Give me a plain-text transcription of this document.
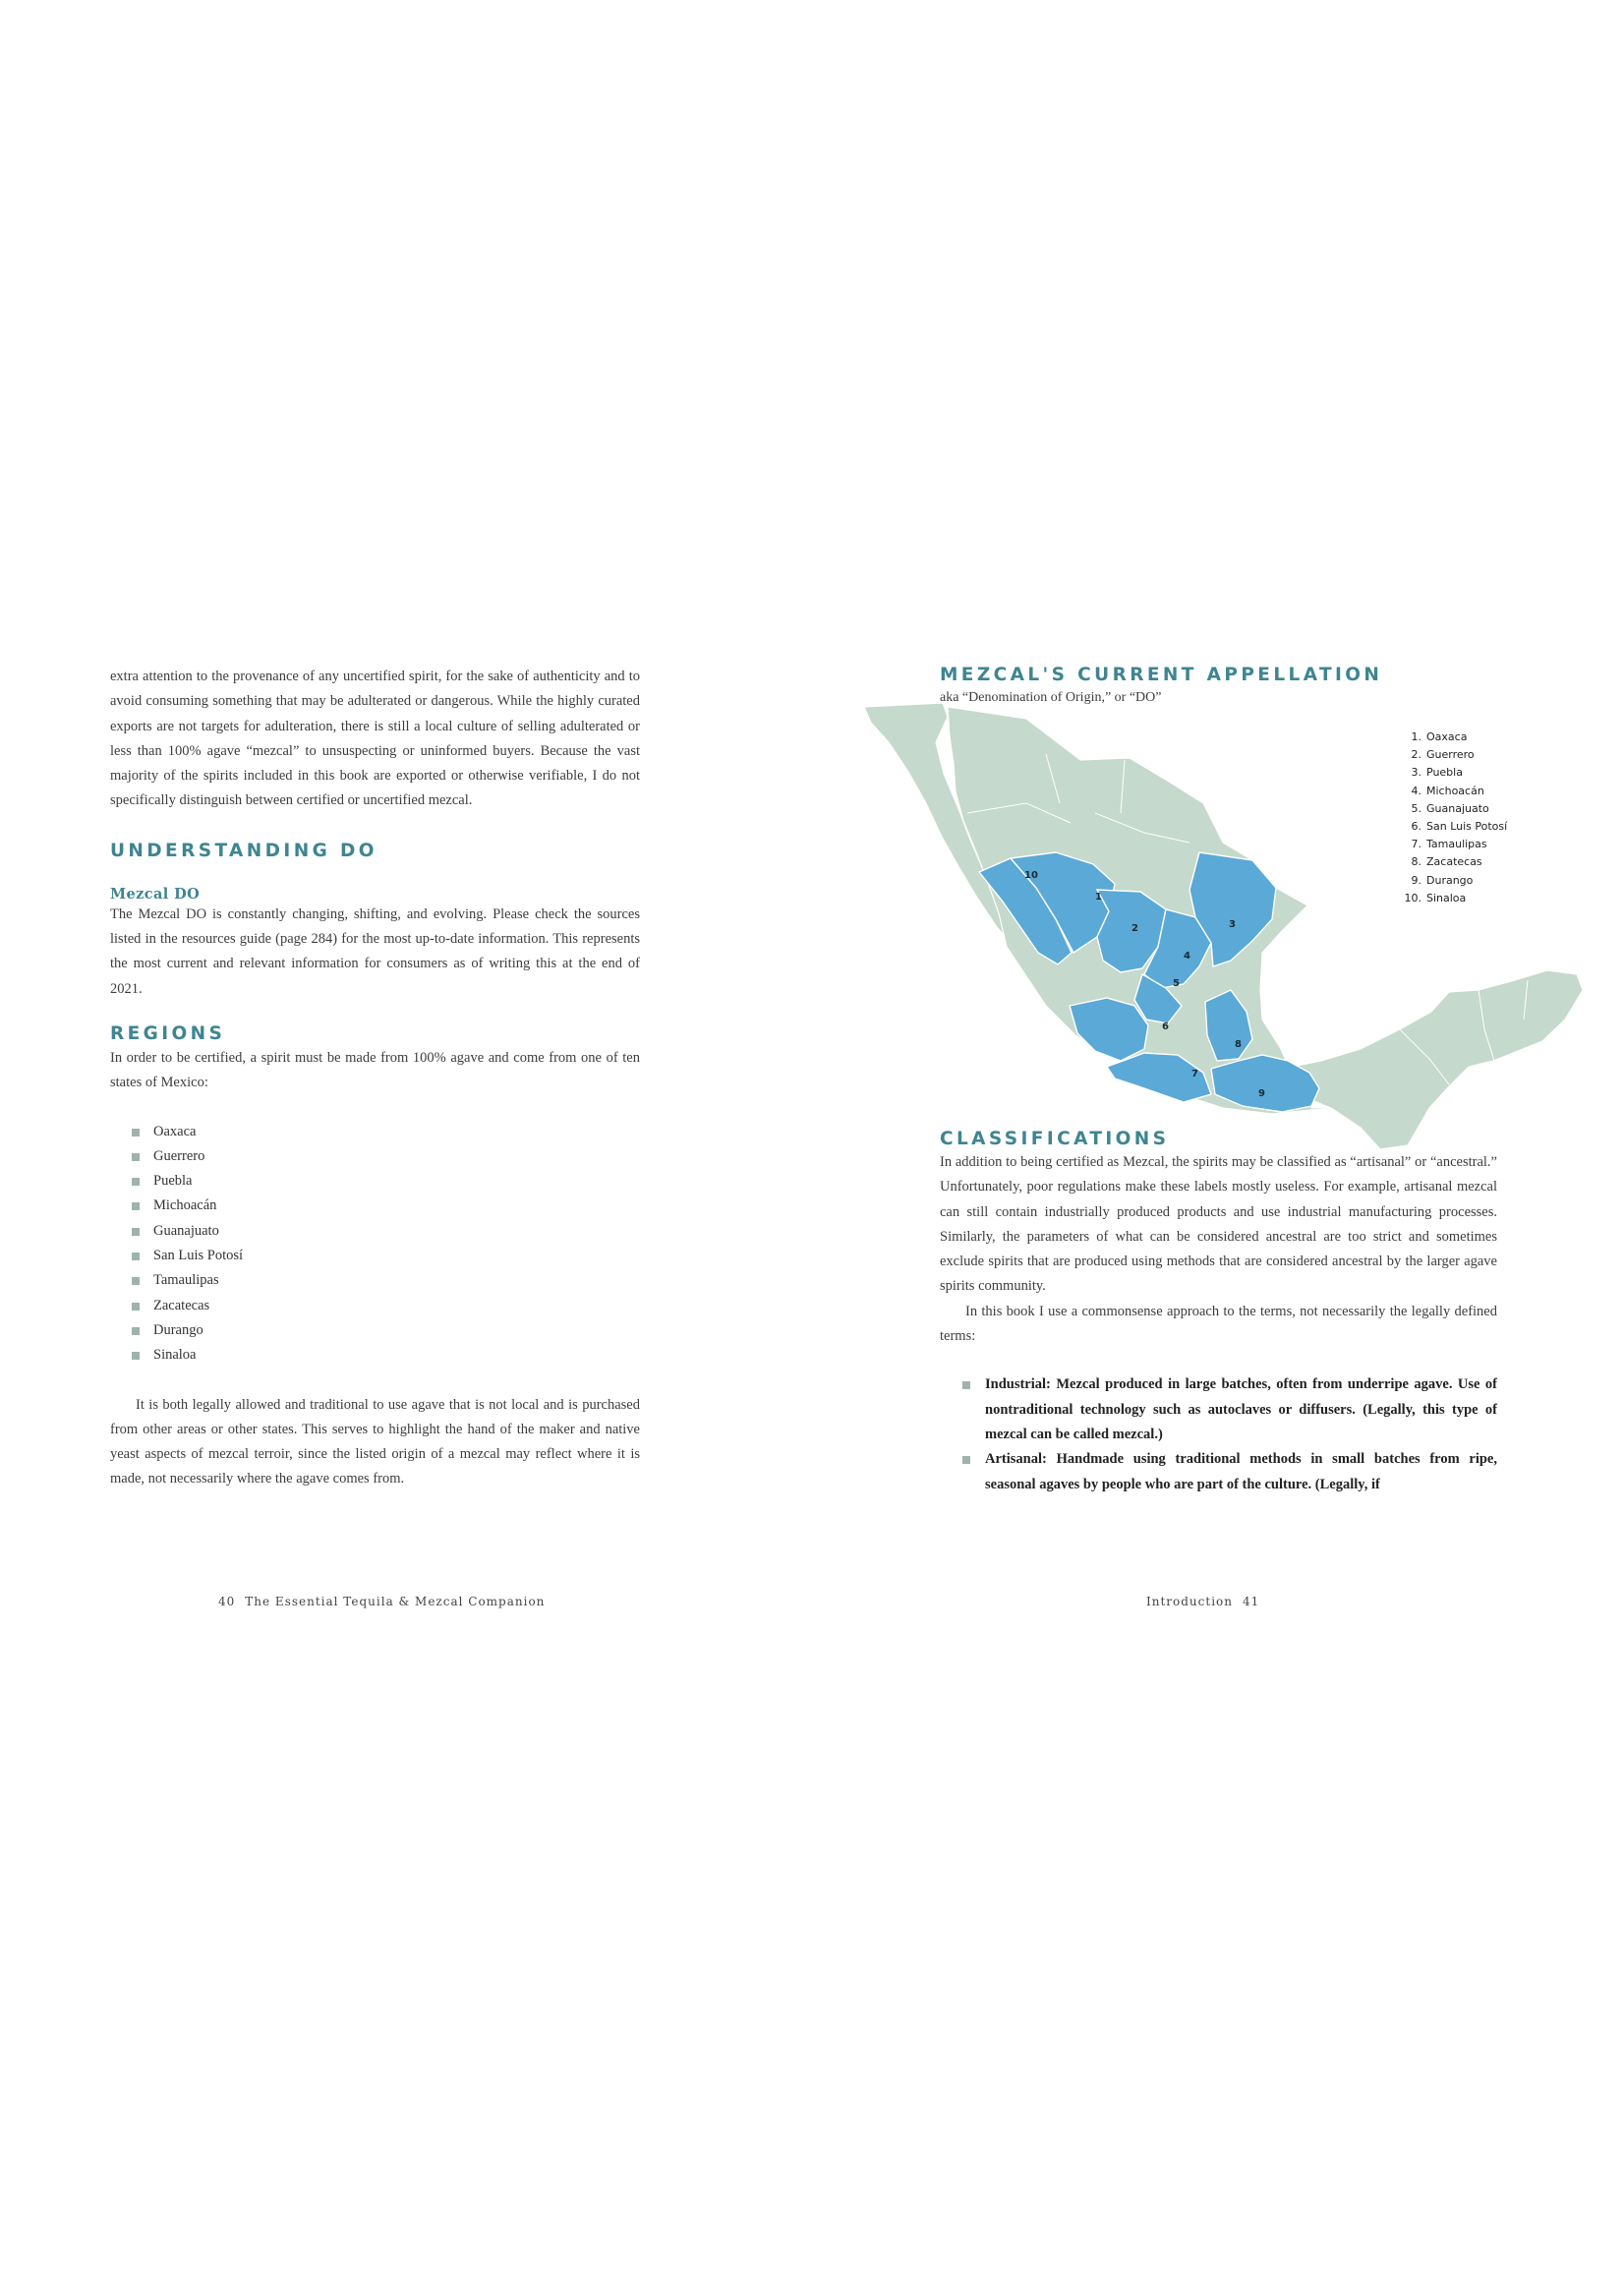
extra attention to the provenance of any uncertified spirit, for the sake of authenticity and to avoid consuming something that may be adulterated or dangerous. While the highly curated exports are not targets for adulteration, there is still a local culture of selling adulterated or less than 100% agave “mezcal” to unsuspecting or uninformed buyers. Because the vast majority of the spirits included in this book are exported or otherwise verifiable, I do not specifically distinguish between certified or uncertified mezcal.

UNDERSTANDING DO
Mezcal DO

The Mezcal DO is constantly changing, shifting, and evolving. Please check the sources listed in the resources guide (page 284) for the most up-to-date information. This represents the most current and relevant information for consumers as of writing this at the end of 2021.

REGIONS

In order to be certified, a spirit must be made from 100% agave and come from one of ten states of Mexico:

Oaxaca
Guerrero
Puebla
Michoacán
Guanajuato
San Luis Potosí
Tamaulipas
Zacatecas
Durango
Sinaloa

It is both legally allowed and traditional to use agave that is not local and is purchased from other areas or other states. This serves to highlight the hand of the maker and native yeast aspects of mezcal terroir, since the listed origin of a mezcal may reflect where it is made, not necessarily where the agave comes from.

40 The Essential Tequila & Mezcal Companion
MEZCAL'S CURRENT APPELLATION

aka “Denomination of Origin,” or “DO”

1
2	3
4
5
6
7
8
9
10
1. Oaxaca
2. Guerrero
3. Puebla
4. Michoacán
5. Guanajuato
6. San Luis Potosí
7. Tamaulipas
8. Zacatecas
9. Durango
10. Sinaloa
CLASSIFICATIONS

In addition to being certified as Mezcal, the spirits may be classified as “artisanal” or “ancestral.” Unfortunately, poor regulations make these labels mostly useless. For example, artisanal mezcal can still contain industrially produced products and use industrial manufacturing processes. Similarly, the parameters of what can be considered ancestral are too strict and sometimes exclude spirits that are produced using methods that are considered ancestral by the larger agave spirits community.

In this book I use a commonsense approach to the terms, not necessarily the legally defined terms:

Industrial: Mezcal produced in large batches, often from underripe agave. Use of nontraditional technology such as autoclaves or diffusers. (Legally, this type of mezcal can be called mezcal.)
Artisanal: Handmade using traditional methods in small batches from ripe, seasonal agaves by people who are part of the culture. (Legally, if
Introduction 41
